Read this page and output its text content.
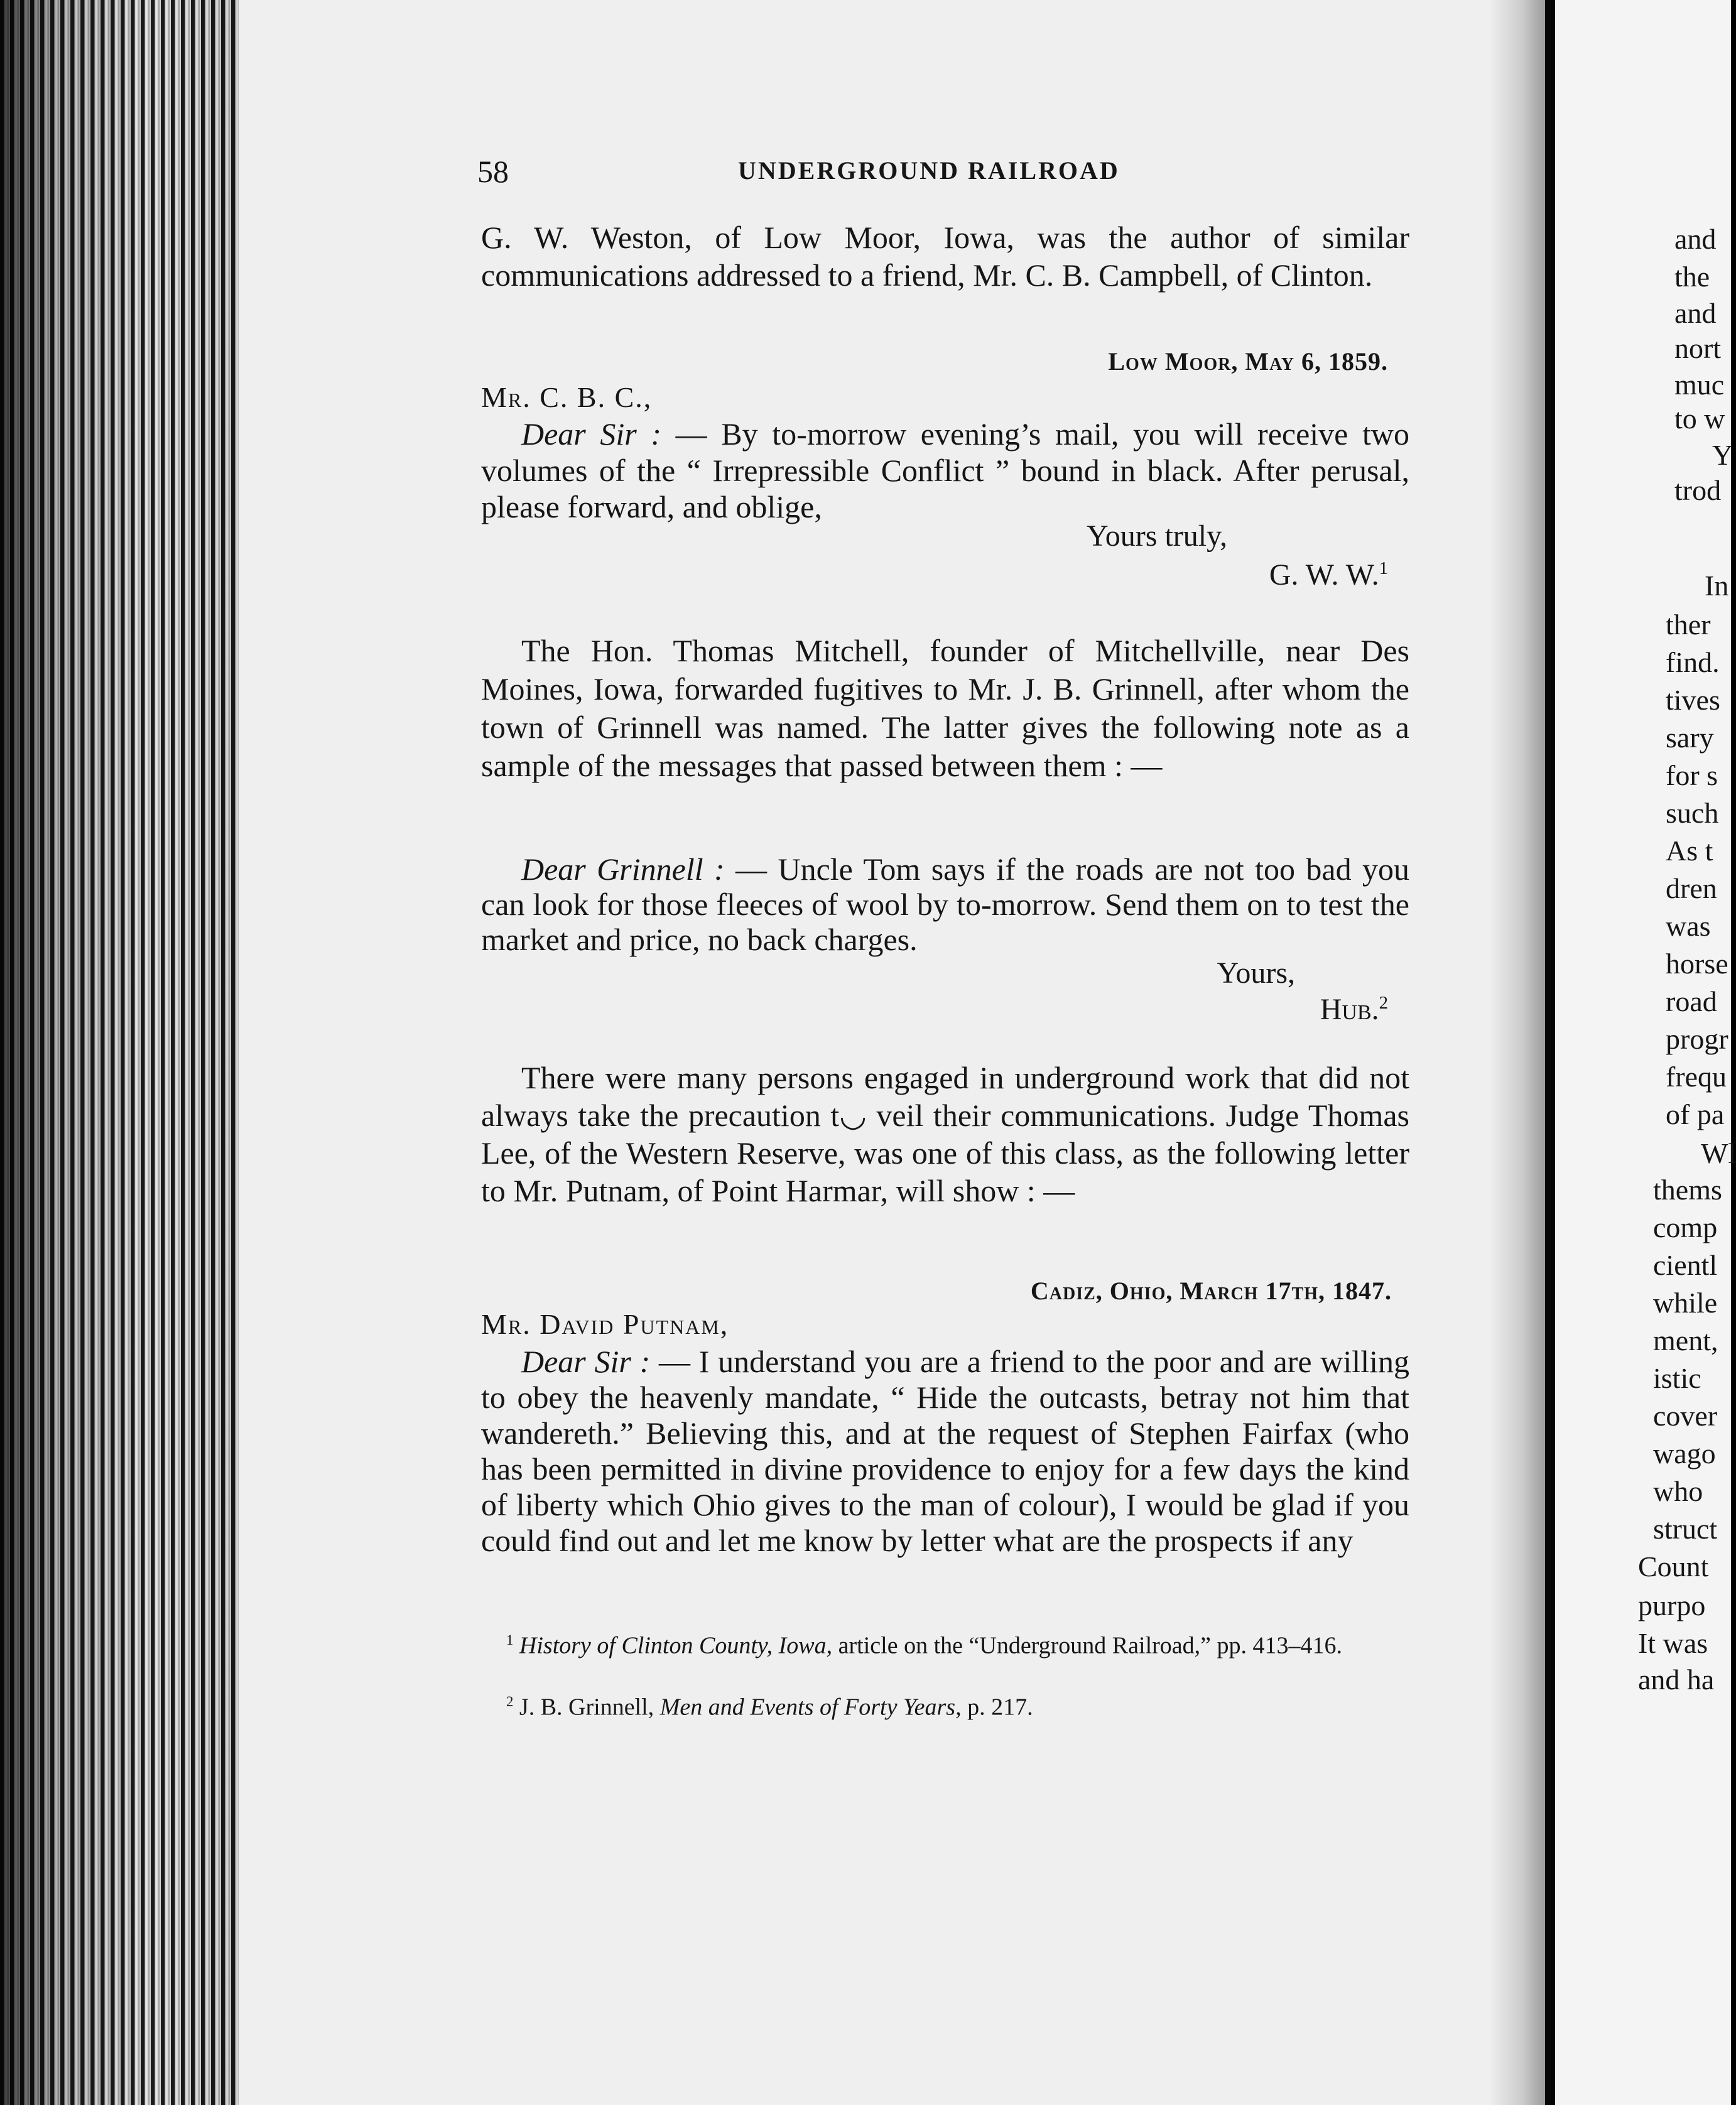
and
the
and
nort
muc
to w
Y
trod
In
ther
find.
tives
sary
for s
such
As t
dren
was
horse
road
progr
frequ
of pa
Wl
thems
comp
cientl
while
ment,
istic
cover
wago
who
struct
Count
purpo
It was
and ha
58	UNDERGROUND RAILROAD

G. W. Weston, of Low Moor, Iowa, was the author of similar communications addressed to a friend, Mr. C. B. Campbell, of Clinton.

Low Moor, May 6, 1859.
Mr. C. B. C.,

Dear Sir : — By to-morrow evening’s mail, you will receive two volumes of the “ Irrepressible Conflict ” bound in black. After perusal, please forward, and oblige,

Yours truly,
G. W. W.$^1$

The Hon. Thomas Mitchell, founder of Mitchellville, near Des Moines, Iowa, forwarded fugitives to Mr. J. B. Grinnell, after whom the town of Grinnell was named. The latter gives the following note as a sample of the messages that passed between them : —

Dear Grinnell : — Uncle Tom says if the roads are not too bad you can look for those fleeces of wool by to-morrow. Send them on to test the market and price, no back charges.

Yours,
Hub.$^2$

There were many persons engaged in underground work that did not always take the precaution t◡ veil their communications. Judge Thomas Lee, of the Western Reserve, was one of this class, as the following letter to Mr. Putnam, of Point Harmar, will show : —

Cadiz, Ohio, March 17th, 1847.
Mr. David Putnam,

Dear Sir : — I understand you are a friend to the poor and are willing to obey the heavenly mandate, “ Hide the outcasts, betray not him that wandereth.” Believing this, and at the request of Stephen Fairfax (who has been permitted in divine providence to enjoy for a few days the kind of liberty which Ohio gives to the man of colour), I would be glad if you could find out and let me know by letter what are the prospects if any

$^1$ History of Clinton County, Iowa, article on the “Underground Railroad,” pp. 413–416.

$^2$ J. B. Grinnell, Men and Events of Forty Years, p. 217.
